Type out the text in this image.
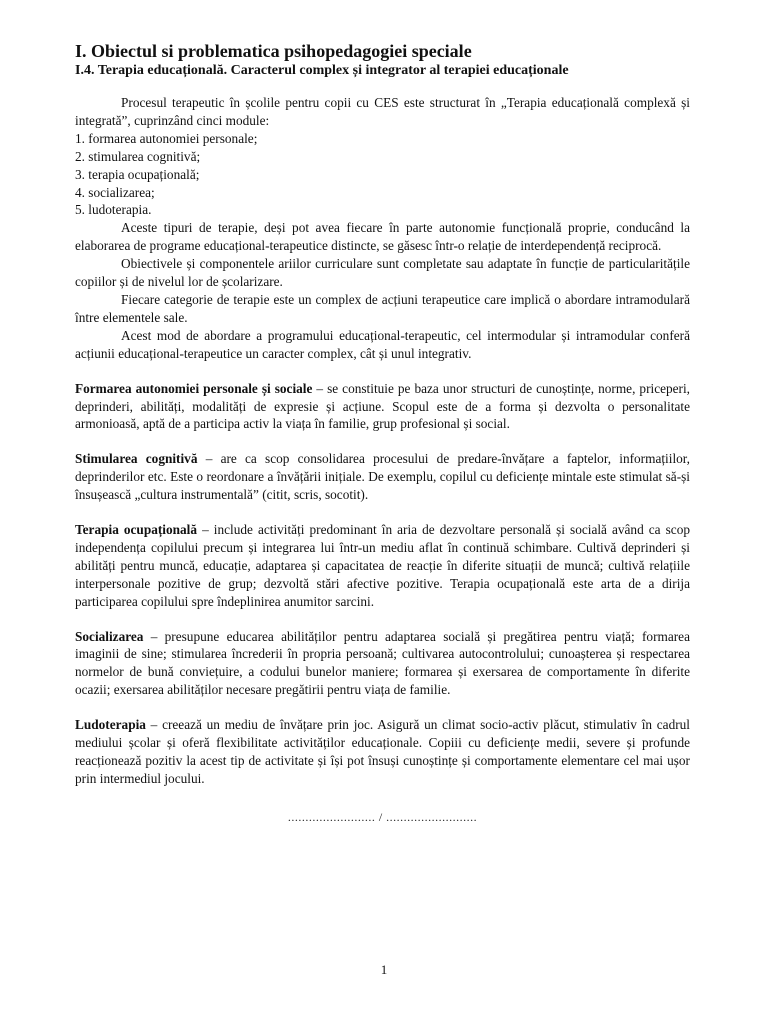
I. Obiectul si problematica psihopedagogiei speciale
I.4. Terapia educațională. Caracterul complex și integrator al terapiei educaționale

Procesul terapeutic în școlile pentru copii cu CES este structurat în „Terapia educațională complexă și integrată”, cuprinzând cinci module:

1. formarea autonomiei personale;
2. stimularea cognitivă;
3. terapia ocupațională;
4. socializarea;
5. ludoterapia.

Aceste tipuri de terapie, deși pot avea fiecare în parte autonomie funcțională proprie, conducând la elaborarea de programe educațional-terapeutice distincte, se găsesc într-o relație de interdependență reciprocă.

Obiectivele și componentele ariilor curriculare sunt completate sau adaptate în funcție de particularitățile copiilor și de nivelul lor de școlarizare.

Fiecare categorie de terapie este un complex de acțiuni terapeutice care implică o abordare intramodulară între elementele sale.

Acest mod de abordare a programului educațional-terapeutic, cel intermodular și intramodular conferă acțiunii educațional-terapeutice un caracter complex, cât și unul integrativ.

Formarea autonomiei personale și sociale – se constituie pe baza unor structuri de cunoștințe, norme, priceperi, deprinderi, abilități, modalități de expresie și acțiune. Scopul este de a forma și dezvolta o personalitate armonioasă, aptă de a participa activ la viața în familie, grup profesional și social.

Stimularea cognitivă – are ca scop consolidarea procesului de predare-învățare a faptelor, informațiilor, deprinderilor etc. Este o reordonare a învățării inițiale. De exemplu, copilul cu deficiențe mintale este stimulat să-și însușească „cultura instrumentală” (citit, scris, socotit).

Terapia ocupațională – include activități predominant în aria de dezvoltare personală și socială având ca scop independența copilului precum și integrarea lui într-un mediu aflat în continuă schimbare. Cultivă deprinderi și abilități pentru muncă, educație, adaptarea și capacitatea de reacție în diferite situații de muncă; cultivă relațiile interpersonale pozitive de grup; dezvoltă stări afective pozitive. Terapia ocupațională este arta de a dirija participarea copilului spre îndeplinirea anumitor sarcini.

Socializarea – presupune educarea abilităților pentru adaptarea socială și pregătirea pentru viață; formarea imaginii de sine; stimularea încrederii în propria persoană; cultivarea autocontrolului; cunoașterea și respectarea normelor de bună conviețuire, a codului bunelor maniere; formarea și exersarea de comportamente în diferite ocazii; exersarea abilităților necesare pregătirii pentru viața de familie.

Ludoterapia – creează un mediu de învățare prin joc. Asigură un climat socio-activ plăcut, stimulativ în cadrul mediului școlar și oferă flexibilitate activităților educaționale. Copiii cu deficiențe medii, severe și profunde reacționează pozitiv la acest tip de activitate și își pot însuși cunoștințe și comportamente elementare cel mai ușor prin intermediul jocului.

......................... / ..........................
1
